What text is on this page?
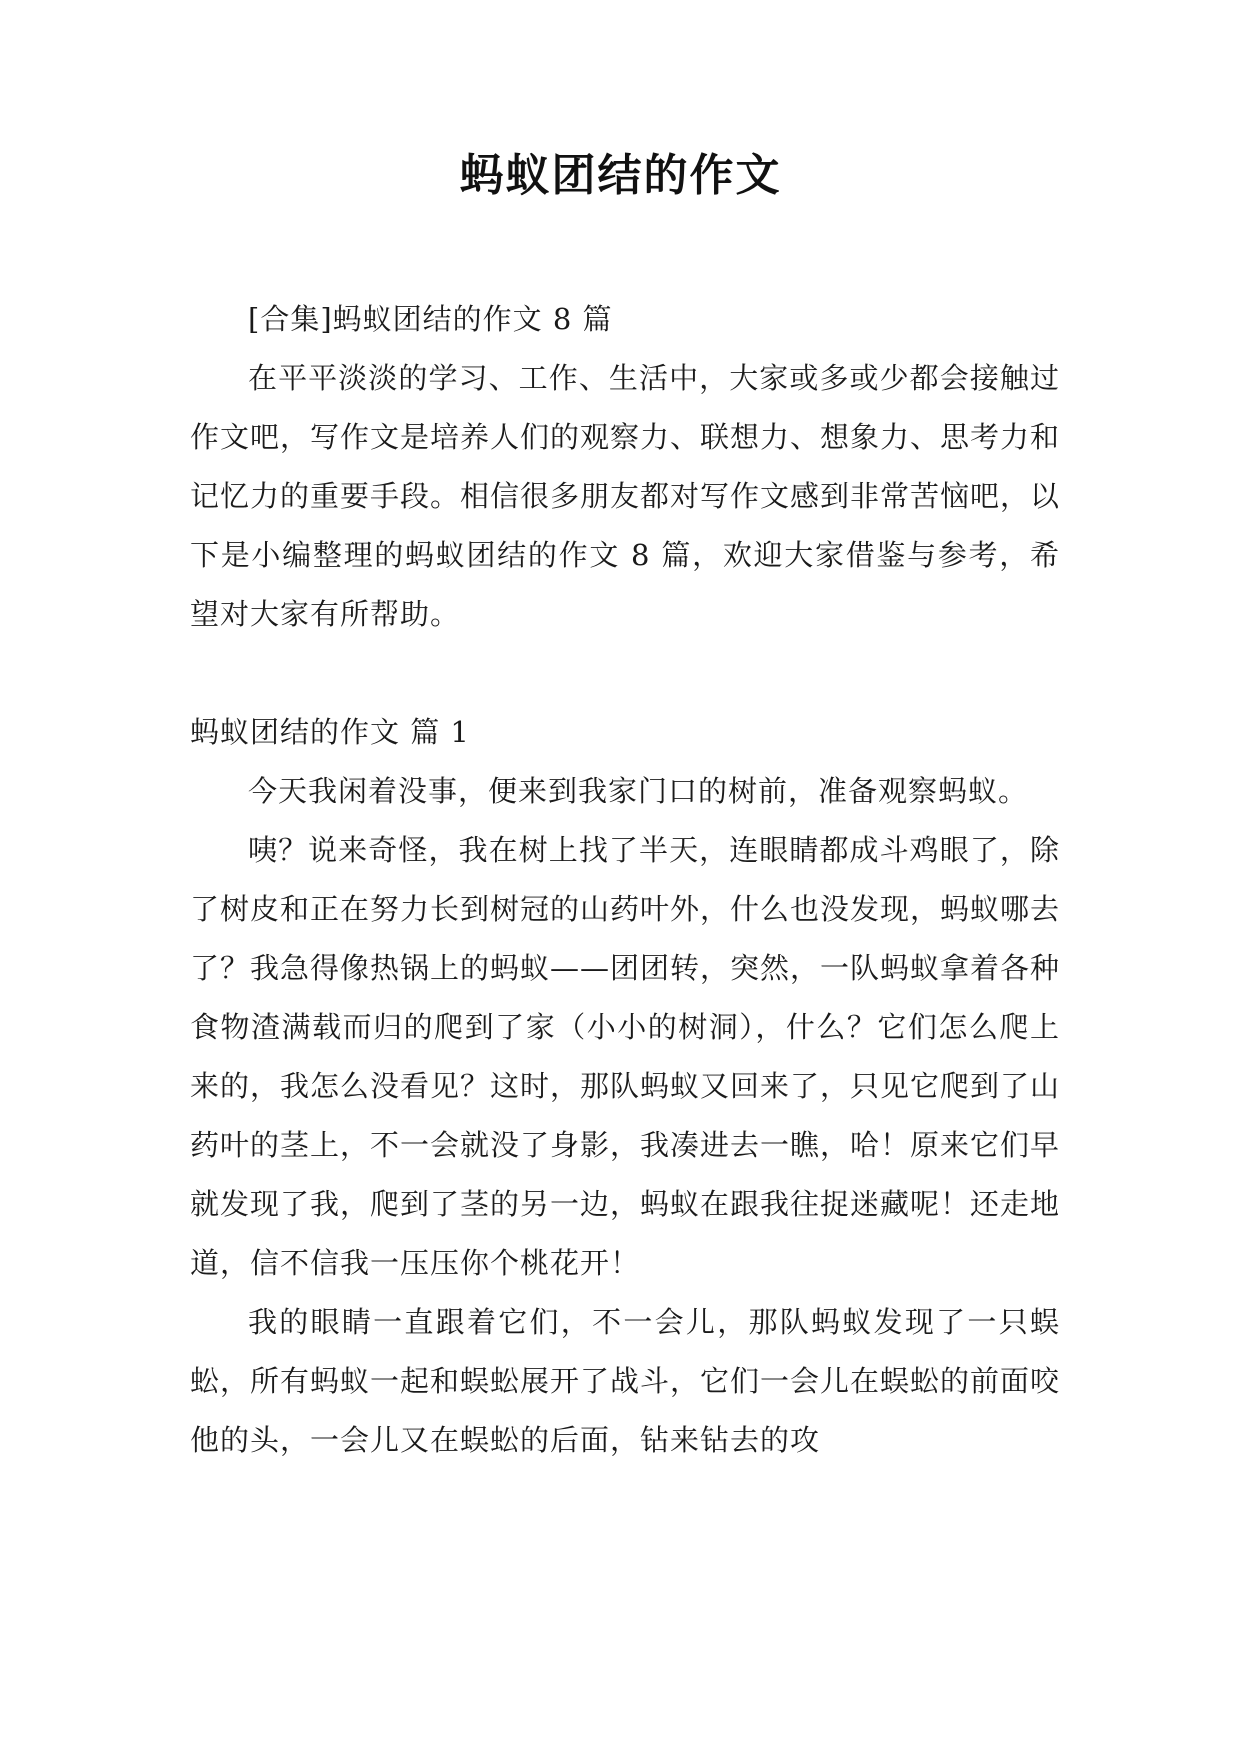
蚂蚁团结的作文

[合集]蚂蚁团结的作文 8 篇

在平平淡淡的学习、工作、生活中，大家或多或少都会接触过作文吧，写作文是培养人们的观察力、联想力、想象力、思考力和记忆力的重要手段。相信很多朋友都对写作文感到非常苦恼吧，以下是小编整理的蚂蚁团结的作文 8 篇，欢迎大家借鉴与参考，希望对大家有所帮助。

蚂蚁团结的作文 篇 1

今天我闲着没事，便来到我家门口的树前，准备观察蚂蚁。

咦？说来奇怪，我在树上找了半天，连眼睛都成斗鸡眼了，除了树皮和正在努力长到树冠的山药叶外，什么也没发现，蚂蚁哪去了？我急得像热锅上的蚂蚁——团团转，突然，一队蚂蚁拿着各种食物渣满载而归的爬到了家（小小的树洞），什么？它们怎么爬上来的，我怎么没看见？这时，那队蚂蚁又回来了，只见它爬到了山药叶的茎上，不一会就没了身影，我凑进去一瞧，哈！原来它们早就发现了我，爬到了茎的另一边，蚂蚁在跟我往捉迷藏呢！还走地道，信不信我一压压你个桃花开！

我的眼睛一直跟着它们，不一会儿，那队蚂蚁发现了一只蜈蚣，所有蚂蚁一起和蜈蚣展开了战斗，它们一会儿在蜈蚣的前面咬他的头，一会儿又在蜈蚣的后面，钻来钻去的攻
